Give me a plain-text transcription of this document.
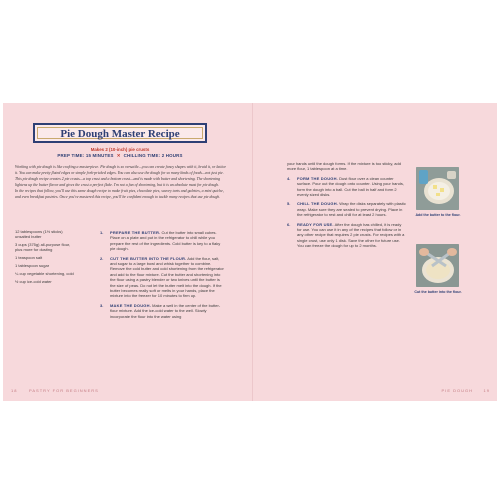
Pie Dough Master Recipe
Makes 2 (10-inch) pie crusts
PREP TIME: 15 MINUTES ✕ CHILLING TIME: 2 HOURS

Working with pie dough is like crafting a masterpiece. Pie dough is so versatile—you can create fancy shapes with it, braid it, or lattice it. You can make pretty fluted edges or simple fork-pricked edges. You can also use the dough for so many kinds of foods—not just pie.

This pie dough recipe creates 2 pie crusts—a top crust and a bottom crust—and is made with butter and shortening. The shortening lightens up the butter flavor and gives the crust a perfect flake. I'm not a fan of shortening, but it is an absolute must for pie dough.

In the recipes that follow, you'll use this same dough recipe to make fruit pies, chocolate pies, savory tarts and galettes, a mini quiche, and even breakfast pastries. Once you've mastered this recipe, you'll be confident enough to tackle many recipes that use pie dough.

12 tablespoons (1½ sticks) unsalted butter
3 cups (375g) all-purpose flour, plus more for dusting
1 teaspoon salt
1 tablespoon sugar
¼ cup vegetable shortening, cold
½ cup ice-cold water
1. PREPARE THE BUTTER. Cut the butter into small cubes. Place on a plate and put in the refrigerator to chill while you prepare the rest of the ingredients. Cold butter is key to a flaky pie dough.
2. CUT THE BUTTER INTO THE FLOUR. Add the flour, salt, and sugar to a large bowl and whisk together to combine. Remove the cold butter and cold shortening from the refrigerator and add to the flour mixture. Cut the butter and shortening into the flour using a pastry blender or two knives until the butter is the size of peas. Do not let the butter melt into the dough. If the butter becomes really soft or melts in your hands, place the mixture into the freezer for 10 minutes to firm up.
3. MAKE THE DOUGH. Make a well in the center of the butter-flour mixture. Add the ice-cold water to the well. Slowly incorporate the flour into the water using
your hands until the dough forms. If the mixture is too sticky, add more flour, 1 tablespoon at a time.
4. FORM THE DOUGH. Dust flour over a clean counter surface. Pour out the dough onto counter. Using your hands, form the dough into a ball. Cut the ball in half and form 2 evenly sized disks.
5. CHILL THE DOUGH. Wrap the disks separately with plastic wrap. Make sure they are sealed to prevent drying. Place in the refrigerator to rest and chill for at least 2 hours.
6. READY FOR USE. After the dough has chilled, it is ready for use. You can use it in any of the recipes that follow or in any other recipe that requires 2 pie crusts. For recipes with a single crust, use only 1 disk. Save the other for future use. You can freeze the dough for up to 2 months.
Add the butter to the flour.
Cut the butter into the flour.
18	PASTRY FOR BEGINNERS	PIE DOUGH	19
